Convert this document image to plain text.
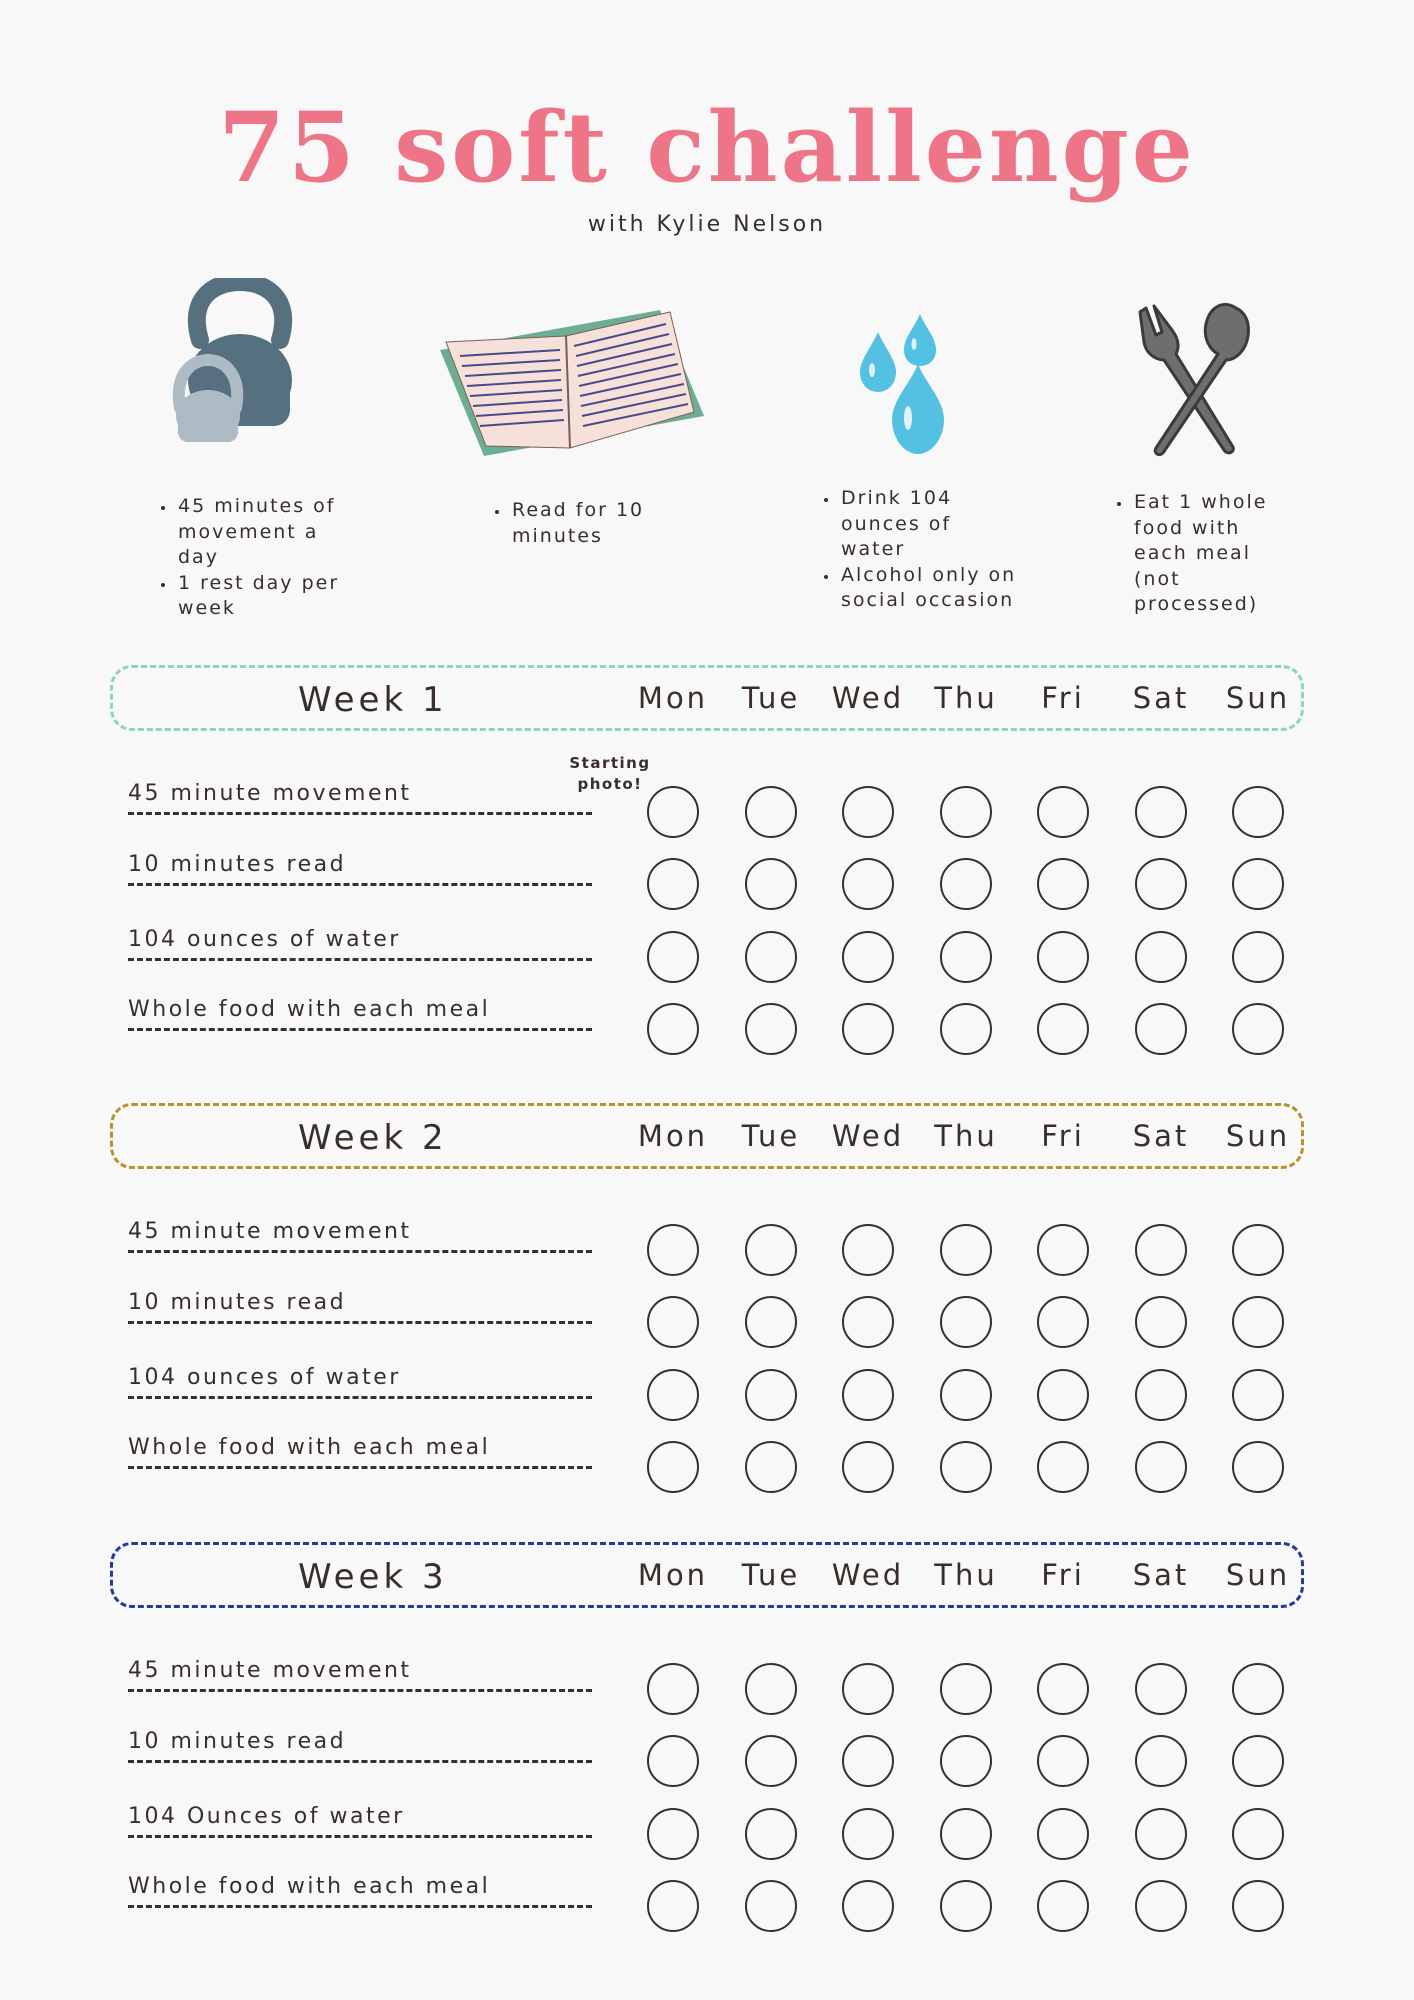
75 soft challenge
with Kylie Nelson
• 45 minutes of movement a day
• 1 rest day per week
• Read for 10 minutes
• Drink 104 ounces of water
• Alcohol only on social occasion
• Eat 1 whole food with each meal (not processed)
Starting photo!
Week 1	Mon	Tue	Wed	Thu	Fri	Sat	Sun
45 minute movement
10 minutes read
104 ounces of water
Whole food with each meal
Week 2	Mon	Tue	Wed	Thu	Fri	Sat	Sun
45 minute movement
10 minutes read
104 ounces of water
Whole food with each meal
Week 3	Mon	Tue	Wed	Thu	Fri	Sat	Sun
45 minute movement
10 minutes read
104 Ounces of water
Whole food with each meal
